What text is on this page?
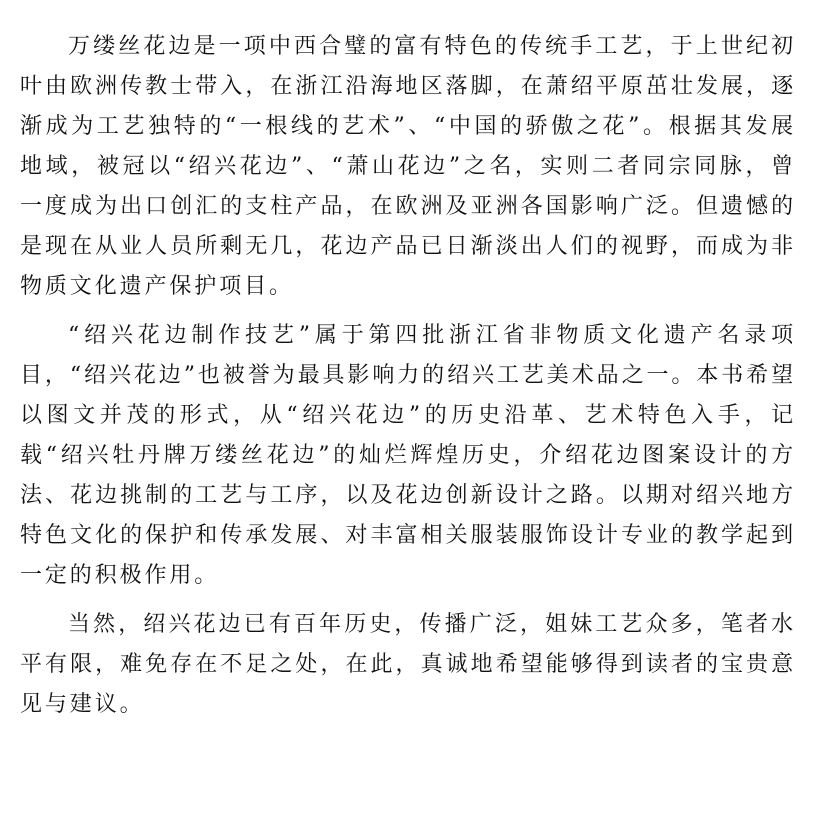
万缕丝花边是一项中西合璧的富有特色的传统手工艺，于上世纪初叶由欧洲传教士带入，在浙江沿海地区落脚，在萧绍平原茁壮发展，逐渐成为工艺独特的“一根线的艺术”、“中国的骄傲之花”。根据其发展地域，被冠以“绍兴花边”、“萧山花边”之名，实则二者同宗同脉，曾一度成为出口创汇的支柱产品，在欧洲及亚洲各国影响广泛。但遗憾的是现在从业人员所剩无几，花边产品已日渐淡出人们的视野，而成为非物质文化遗产保护项目。

“绍兴花边制作技艺”属于第四批浙江省非物质文化遗产名录项目，“绍兴花边”也被誉为最具影响力的绍兴工艺美术品之一。本书希望以图文并茂的形式，从“绍兴花边”的历史沿革、艺术特色入手，记载“绍兴牡丹牌万缕丝花边”的灿烂辉煌历史，介绍花边图案设计的方法、花边挑制的工艺与工序，以及花边创新设计之路。以期对绍兴地方特色文化的保护和传承发展、对丰富相关服装服饰设计专业的教学起到一定的积极作用。

当然，绍兴花边已有百年历史，传播广泛，姐妹工艺众多，笔者水平有限，难免存在不足之处，在此，真诚地希望能够得到读者的宝贵意见与建议。
